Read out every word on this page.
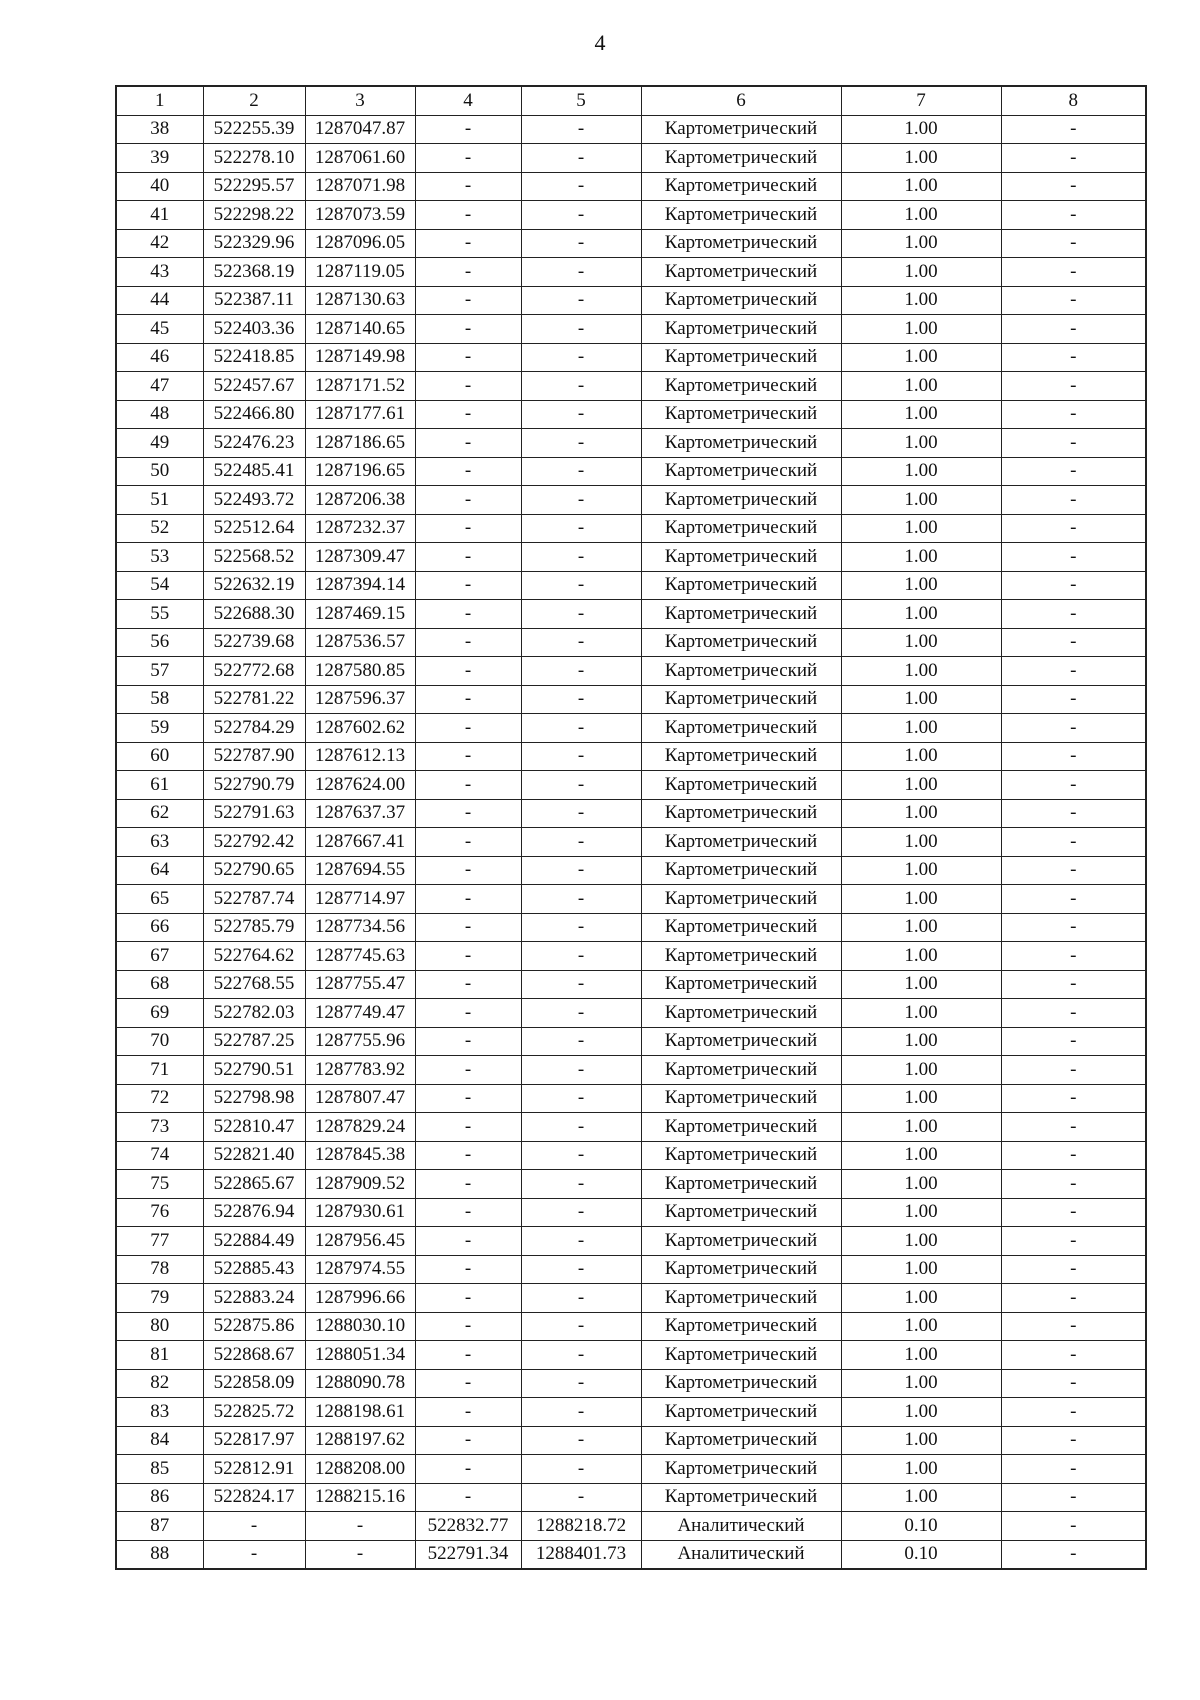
4
1	2	3	4	5	6	7	8
38	522255.39	1287047.87	-	-	Картометрический	1.00	-
39	522278.10	1287061.60	-	-	Картометрический	1.00	-
40	522295.57	1287071.98	-	-	Картометрический	1.00	-
41	522298.22	1287073.59	-	-	Картометрический	1.00	-
42	522329.96	1287096.05	-	-	Картометрический	1.00	-
43	522368.19	1287119.05	-	-	Картометрический	1.00	-
44	522387.11	1287130.63	-	-	Картометрический	1.00	-
45	522403.36	1287140.65	-	-	Картометрический	1.00	-
46	522418.85	1287149.98	-	-	Картометрический	1.00	-
47	522457.67	1287171.52	-	-	Картометрический	1.00	-
48	522466.80	1287177.61	-	-	Картометрический	1.00	-
49	522476.23	1287186.65	-	-	Картометрический	1.00	-
50	522485.41	1287196.65	-	-	Картометрический	1.00	-
51	522493.72	1287206.38	-	-	Картометрический	1.00	-
52	522512.64	1287232.37	-	-	Картометрический	1.00	-
53	522568.52	1287309.47	-	-	Картометрический	1.00	-
54	522632.19	1287394.14	-	-	Картометрический	1.00	-
55	522688.30	1287469.15	-	-	Картометрический	1.00	-
56	522739.68	1287536.57	-	-	Картометрический	1.00	-
57	522772.68	1287580.85	-	-	Картометрический	1.00	-
58	522781.22	1287596.37	-	-	Картометрический	1.00	-
59	522784.29	1287602.62	-	-	Картометрический	1.00	-
60	522787.90	1287612.13	-	-	Картометрический	1.00	-
61	522790.79	1287624.00	-	-	Картометрический	1.00	-
62	522791.63	1287637.37	-	-	Картометрический	1.00	-
63	522792.42	1287667.41	-	-	Картометрический	1.00	-
64	522790.65	1287694.55	-	-	Картометрический	1.00	-
65	522787.74	1287714.97	-	-	Картометрический	1.00	-
66	522785.79	1287734.56	-	-	Картометрический	1.00	-
67	522764.62	1287745.63	-	-	Картометрический	1.00	-
68	522768.55	1287755.47	-	-	Картометрический	1.00	-
69	522782.03	1287749.47	-	-	Картометрический	1.00	-
70	522787.25	1287755.96	-	-	Картометрический	1.00	-
71	522790.51	1287783.92	-	-	Картометрический	1.00	-
72	522798.98	1287807.47	-	-	Картометрический	1.00	-
73	522810.47	1287829.24	-	-	Картометрический	1.00	-
74	522821.40	1287845.38	-	-	Картометрический	1.00	-
75	522865.67	1287909.52	-	-	Картометрический	1.00	-
76	522876.94	1287930.61	-	-	Картометрический	1.00	-
77	522884.49	1287956.45	-	-	Картометрический	1.00	-
78	522885.43	1287974.55	-	-	Картометрический	1.00	-
79	522883.24	1287996.66	-	-	Картометрический	1.00	-
80	522875.86	1288030.10	-	-	Картометрический	1.00	-
81	522868.67	1288051.34	-	-	Картометрический	1.00	-
82	522858.09	1288090.78	-	-	Картометрический	1.00	-
83	522825.72	1288198.61	-	-	Картометрический	1.00	-
84	522817.97	1288197.62	-	-	Картометрический	1.00	-
85	522812.91	1288208.00	-	-	Картометрический	1.00	-
86	522824.17	1288215.16	-	-	Картометрический	1.00	-
87	-	-	522832.77	1288218.72	Аналитический	0.10	-
88	-	-	522791.34	1288401.73	Аналитический	0.10	-
